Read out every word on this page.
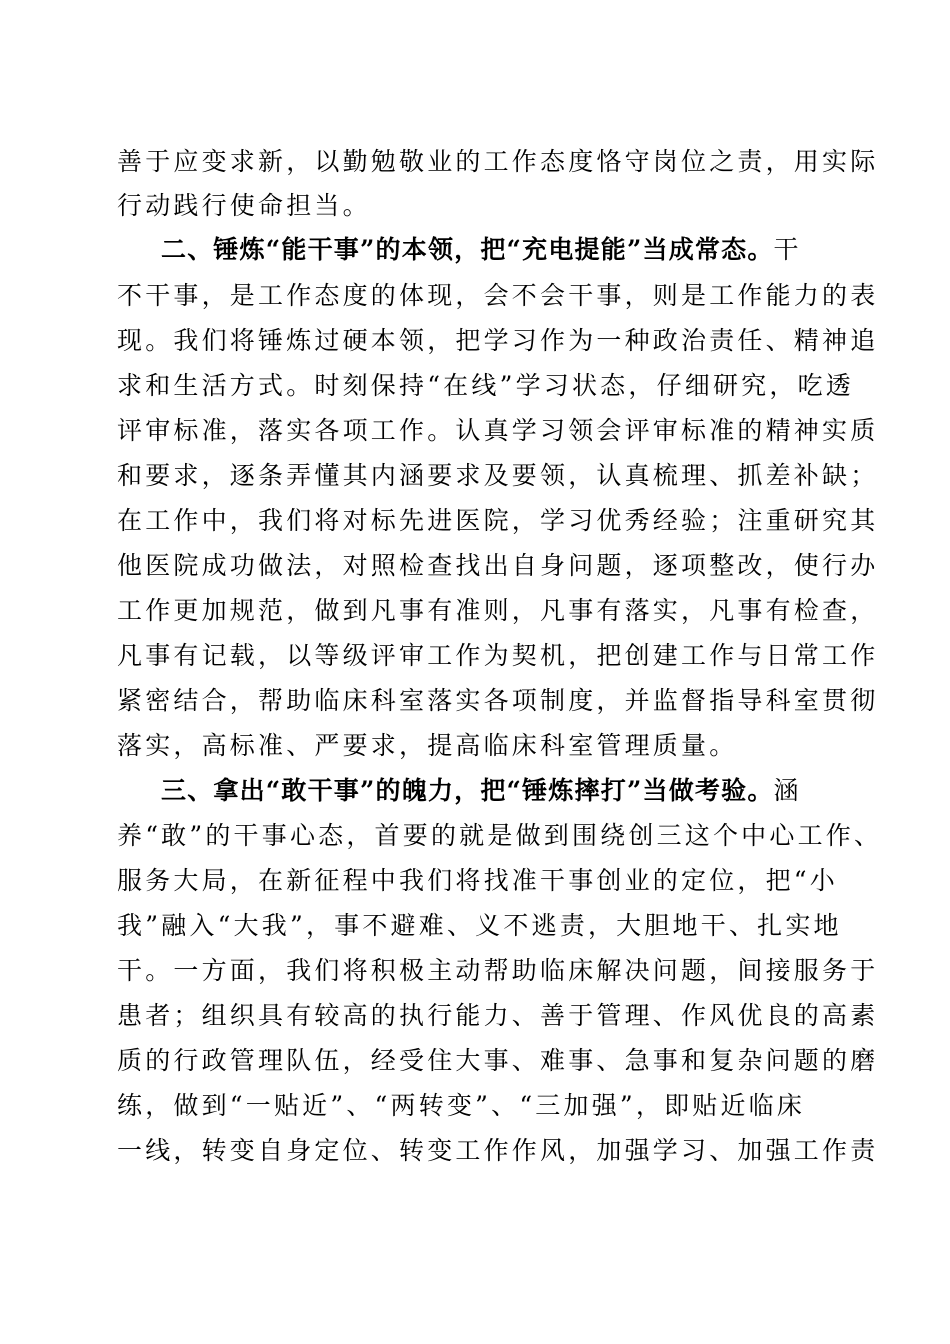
善于应变求新，以勤勉敬业的工作态度恪守岗位之责，用实际
行动践行使命担当。
二、锤炼“能干事”的本领，把“充电提能”当成常态。干
不干事，是工作态度的体现，会不会干事，则是工作能力的表
现。我们将锤炼过硬本领，把学习作为一种政治责任、精神追
求和生活方式。时刻保持“在线”学习状态，仔细研究，吃透
评审标准，落实各项工作。认真学习领会评审标准的精神实质
和要求，逐条弄懂其内涵要求及要领，认真梳理、抓差补缺；
在工作中，我们将对标先进医院，学习优秀经验；注重研究其
他医院成功做法，对照检查找出自身问题，逐项整改，使行办
工作更加规范，做到凡事有准则，凡事有落实，凡事有检查，
凡事有记载，以等级评审工作为契机，把创建工作与日常工作
紧密结合，帮助临床科室落实各项制度，并监督指导科室贯彻
落实，高标准、严要求，提高临床科室管理质量。
三、拿出“敢干事”的魄力，把“锤炼摔打”当做考验。涵
养“敢”的干事心态，首要的就是做到围绕创三这个中心工作、
服务大局，在新征程中我们将找准干事创业的定位，把“小
我”融入“大我”，事不避难、义不逃责，大胆地干、扎实地
干。一方面，我们将积极主动帮助临床解决问题，间接服务于
患者；组织具有较高的执行能力、善于管理、作风优良的高素
质的行政管理队伍，经受住大事、难事、急事和复杂问题的磨
练，做到“一贴近”、“两转变”、“三加强”，即贴近临床
一线，转变自身定位、转变工作作风，加强学习、加强工作责
